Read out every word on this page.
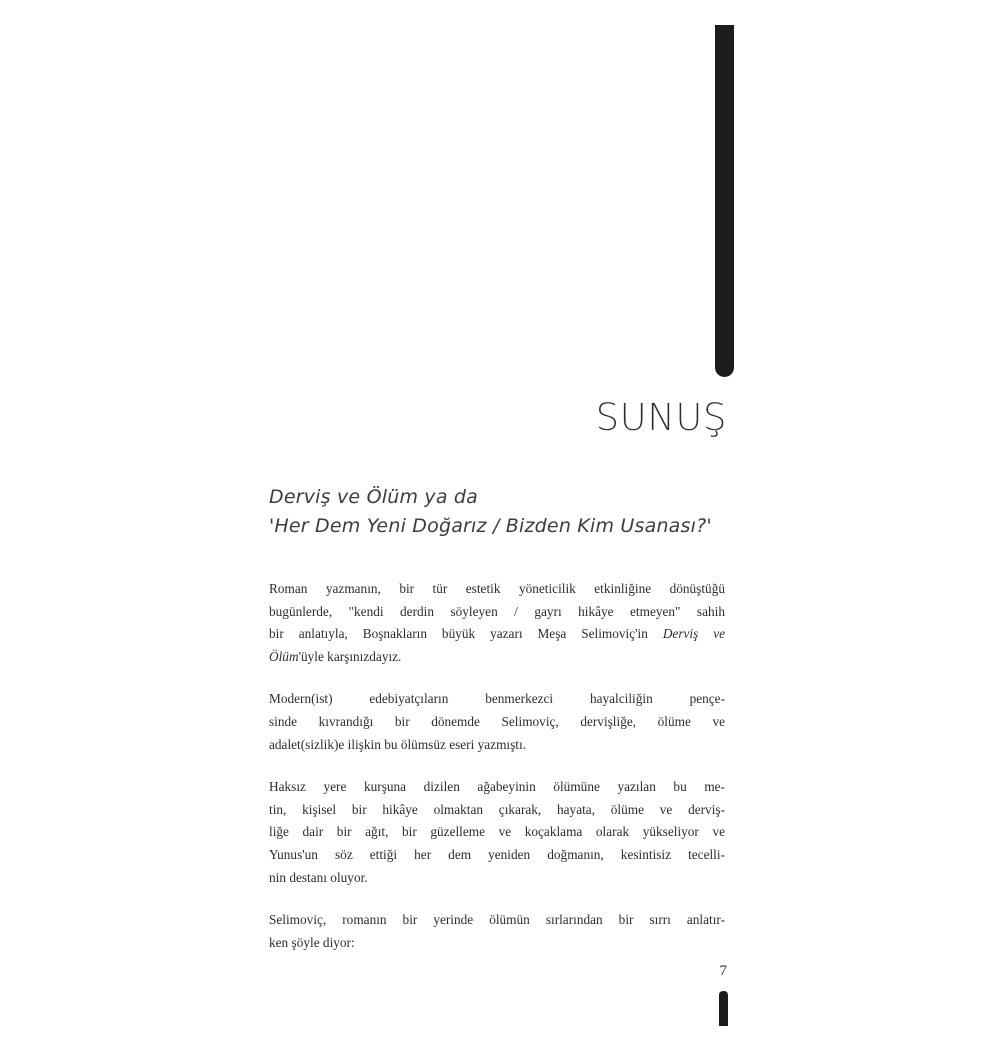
SUNUŞ
Derviş ve Ölüm ya da
'Her Dem Yeni Doğarız / Bizden Kim Usanası?'

Roman yazmanın, bir tür estetik yöneticilik etkinliğine dönüştüğü
bugünlerde, "kendi derdin söyleyen / gayrı hikâye etmeyen" sahih
bir anlatıyla, Boşnakların büyük yazarı Meşa Selimoviç'in Derviş ve
Ölüm'üyle karşınızdayız.

Modern(ist) edebiyatçıların benmerkezci hayalciliğin pençe-
sinde kıvrandığı bir dönemde Selimoviç, dervişliğe, ölüme ve
adalet(sizlik)e ilişkin bu ölümsüz eseri yazmıştı.

Haksız yere kurşuna dizilen ağabeyinin ölümüne yazılan bu me-
tin, kişisel bir hikâye olmaktan çıkarak, hayata, ölüme ve derviş-
liğe dair bir ağıt, bir güzelleme ve koçaklama olarak yükseliyor ve
Yunus'un söz ettiği her dem yeniden doğmanın, kesintisiz tecelli-
nin destanı oluyor.

Selimoviç, romanın bir yerinde ölümün sırlarından bir sırrı anlatır-
ken şöyle diyor:

7
